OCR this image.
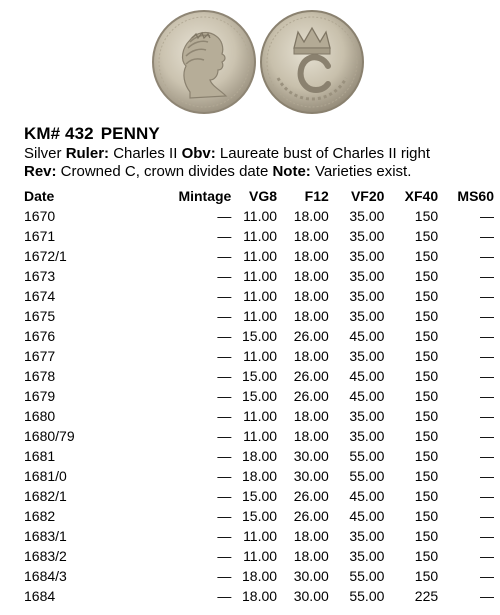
KM# 432 PENNY
Silver Ruler: Charles II Obv: Laureate bust of Charles II right
Rev: Crowned C, crown divides date Note: Varieties exist.
Date	Mintage	VG8	F12	VF20	XF40	MS60
1670	—	11.00	18.00	35.00	150	—
1671	—	11.00	18.00	35.00	150	—
1672/1	—	11.00	18.00	35.00	150	—
1673	—	11.00	18.00	35.00	150	—
1674	—	11.00	18.00	35.00	150	—
1675	—	11.00	18.00	35.00	150	—
1676	—	15.00	26.00	45.00	150	—
1677	—	11.00	18.00	35.00	150	—
1678	—	15.00	26.00	45.00	150	—
1679	—	15.00	26.00	45.00	150	—
1680	—	11.00	18.00	35.00	150	—
1680/79	—	11.00	18.00	35.00	150	—
1681	—	18.00	30.00	55.00	150	—
1681/0	—	18.00	30.00	55.00	150	—
1682/1	—	15.00	26.00	45.00	150	—
1682	—	15.00	26.00	45.00	150	—
1683/1	—	11.00	18.00	35.00	150	—
1683/2	—	11.00	18.00	35.00	150	—
1684/3	—	18.00	30.00	55.00	150	—
1684	—	18.00	30.00	55.00	225	—
